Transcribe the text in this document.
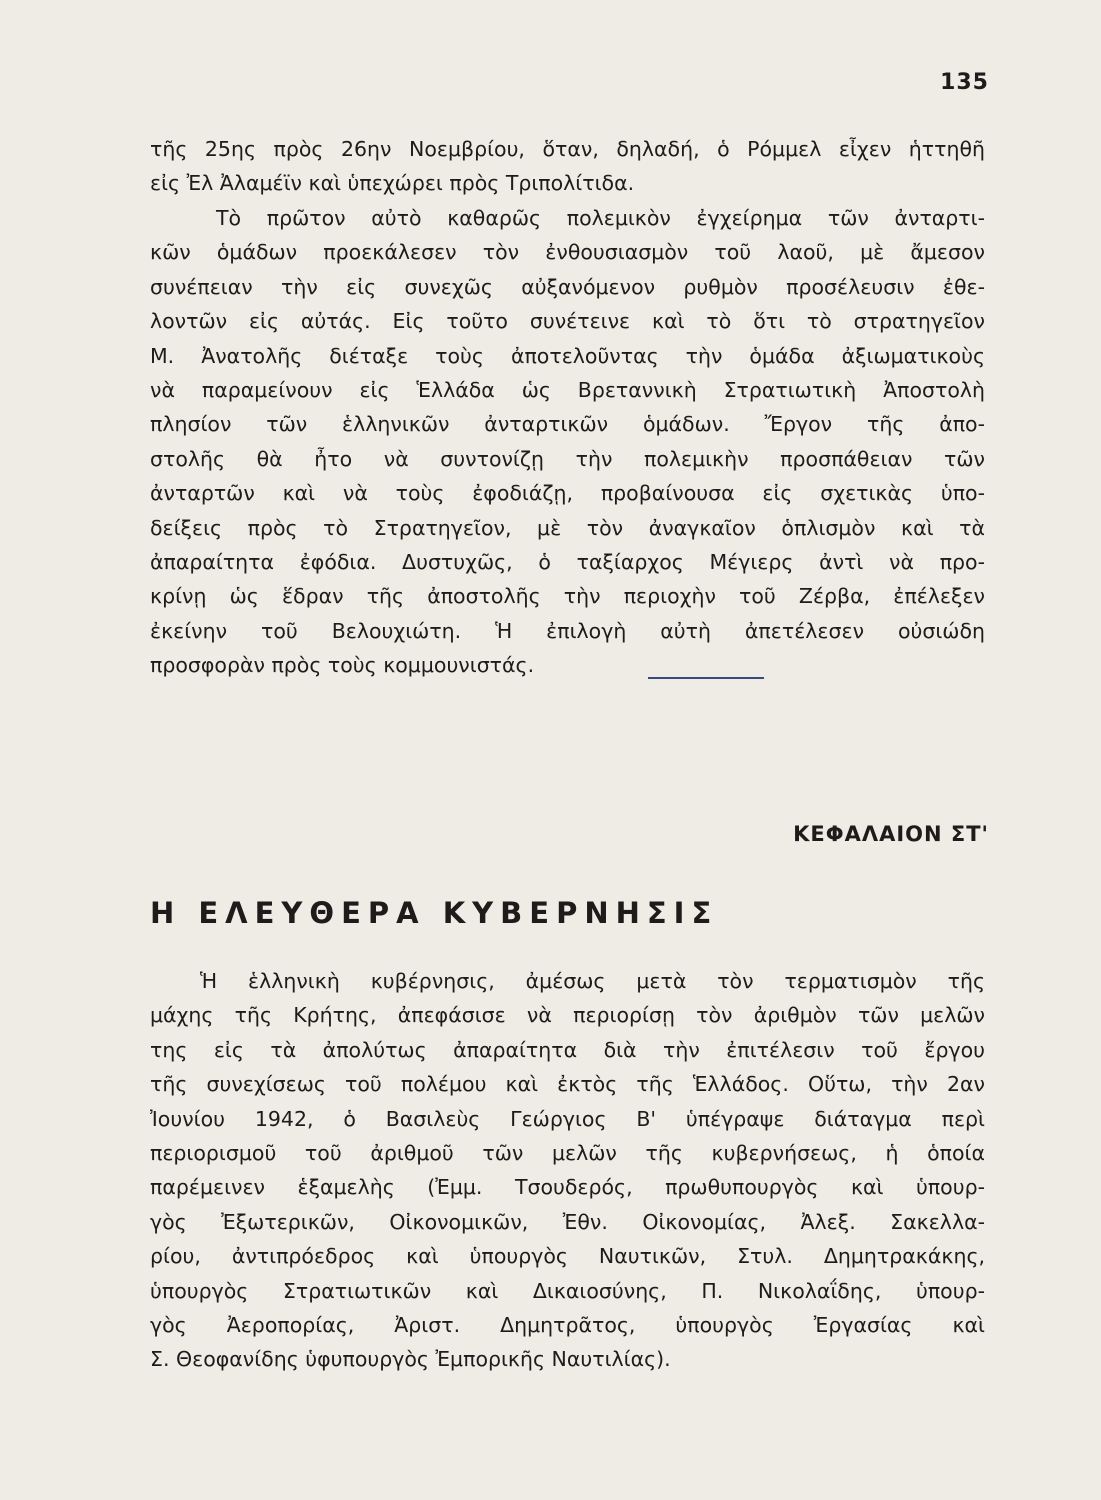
135
τῆς 25ης πρὸς 26ην Νοεμβρίου, ὅταν, δηλαδή, ὁ Ρόμμελ εἶχεν ἡττηθῆ
εἰς Ἐλ Ἀλαμέϊν καὶ ὑπεχώρει πρὸς Τριπολίτιδα.
Τὸ πρῶτον αὐτὸ καθαρῶς πολεμικὸν ἐγχείρημα τῶν ἀνταρτι-
κῶν ὁμάδων προεκάλεσεν τὸν ἐνθουσιασμὸν τοῦ λαοῦ, μὲ ἄμεσον
συνέπειαν τὴν εἰς συνεχῶς αὐξανόμενον ρυθμὸν προσέλευσιν ἐθε-
λοντῶν εἰς αὐτάς. Εἰς τοῦτο συνέτεινε καὶ τὸ ὅτι τὸ στρατηγεῖον
Μ. Ἀνατολῆς διέταξε τοὺς ἀποτελοῦντας τὴν ὁμάδα ἀξιωματικοὺς
νὰ παραμείνουν εἰς Ἑλλάδα ὡς Βρεταννικὴ Στρατιωτικὴ Ἀποστολὴ
πλησίον τῶν ἑλληνικῶν ἀνταρτικῶν ὁμάδων. Ἔργον τῆς ἀπο-
στολῆς θὰ ἦτο νὰ συντονίζῃ τὴν πολεμικὴν προσπάθειαν τῶν
ἀνταρτῶν καὶ νὰ τοὺς ἐφοδιάζῃ, προβαίνουσα εἰς σχετικὰς ὑπο-
δείξεις πρὸς τὸ Στρατηγεῖον, μὲ τὸν ἀναγκαῖον ὁπλισμὸν καὶ τὰ
ἀπαραίτητα ἐφόδια. Δυστυχῶς, ὁ ταξίαρχος Μέγιερς ἀντὶ νὰ προ-
κρίνῃ ὡς ἕδραν τῆς ἀποστολῆς τὴν περιοχὴν τοῦ Ζέρβα, ἐπέλεξεν
ἐκείνην τοῦ Βελουχιώτη. Ἡ ἐπιλογὴ αὐτὴ ἀπετέλεσεν οὐσιώδη
προσφορὰν πρὸς τοὺς κομμουνιστάς.
ΚΕΦΑΛΑΙΟΝ ΣΤ'
Η ΕΛΕΥΘΕΡΑ ΚΥΒΕΡΝΗΣΙΣ
Ἡ ἑλληνικὴ κυβέρνησις, ἀμέσως μετὰ τὸν τερματισμὸν τῆς
μάχης τῆς Κρήτης, ἀπεφάσισε νὰ περιορίσῃ τὸν ἀριθμὸν τῶν μελῶν
της εἰς τὰ ἀπολύτως ἀπαραίτητα διὰ τὴν ἐπιτέλεσιν τοῦ ἔργου
τῆς συνεχίσεως τοῦ πολέμου καὶ ἐκτὸς τῆς Ἑλλάδος. Οὕτω, τὴν 2αν
Ἰουνίου 1942, ὁ Βασιλεὺς Γεώργιος Β' ὑπέγραψε διάταγμα περὶ
περιορισμοῦ τοῦ ἀριθμοῦ τῶν μελῶν τῆς κυβερνήσεως, ἡ ὁποία
παρέμεινεν ἑξαμελὴς (Ἐμμ. Τσουδερός, πρωθυπουργὸς καὶ ὑπουρ-
γὸς Ἐξωτερικῶν, Οἰκονομικῶν, Ἐθν. Οἰκονομίας, Ἀλεξ. Σακελλα-
ρίου, ἀντιπρόεδρος καὶ ὑπουργὸς Ναυτικῶν, Στυλ. Δημητρακάκης,
ὑπουργὸς Στρατιωτικῶν καὶ Δικαιοσύνης, Π. Νικολαΐδης, ὑπουρ-
γὸς Ἀεροπορίας, Ἀριστ. Δημητρᾶτος, ὑπουργὸς Ἐργασίας καὶ
Σ. Θεοφανίδης ὑφυπουργὸς Ἐμπορικῆς Ναυτιλίας).
